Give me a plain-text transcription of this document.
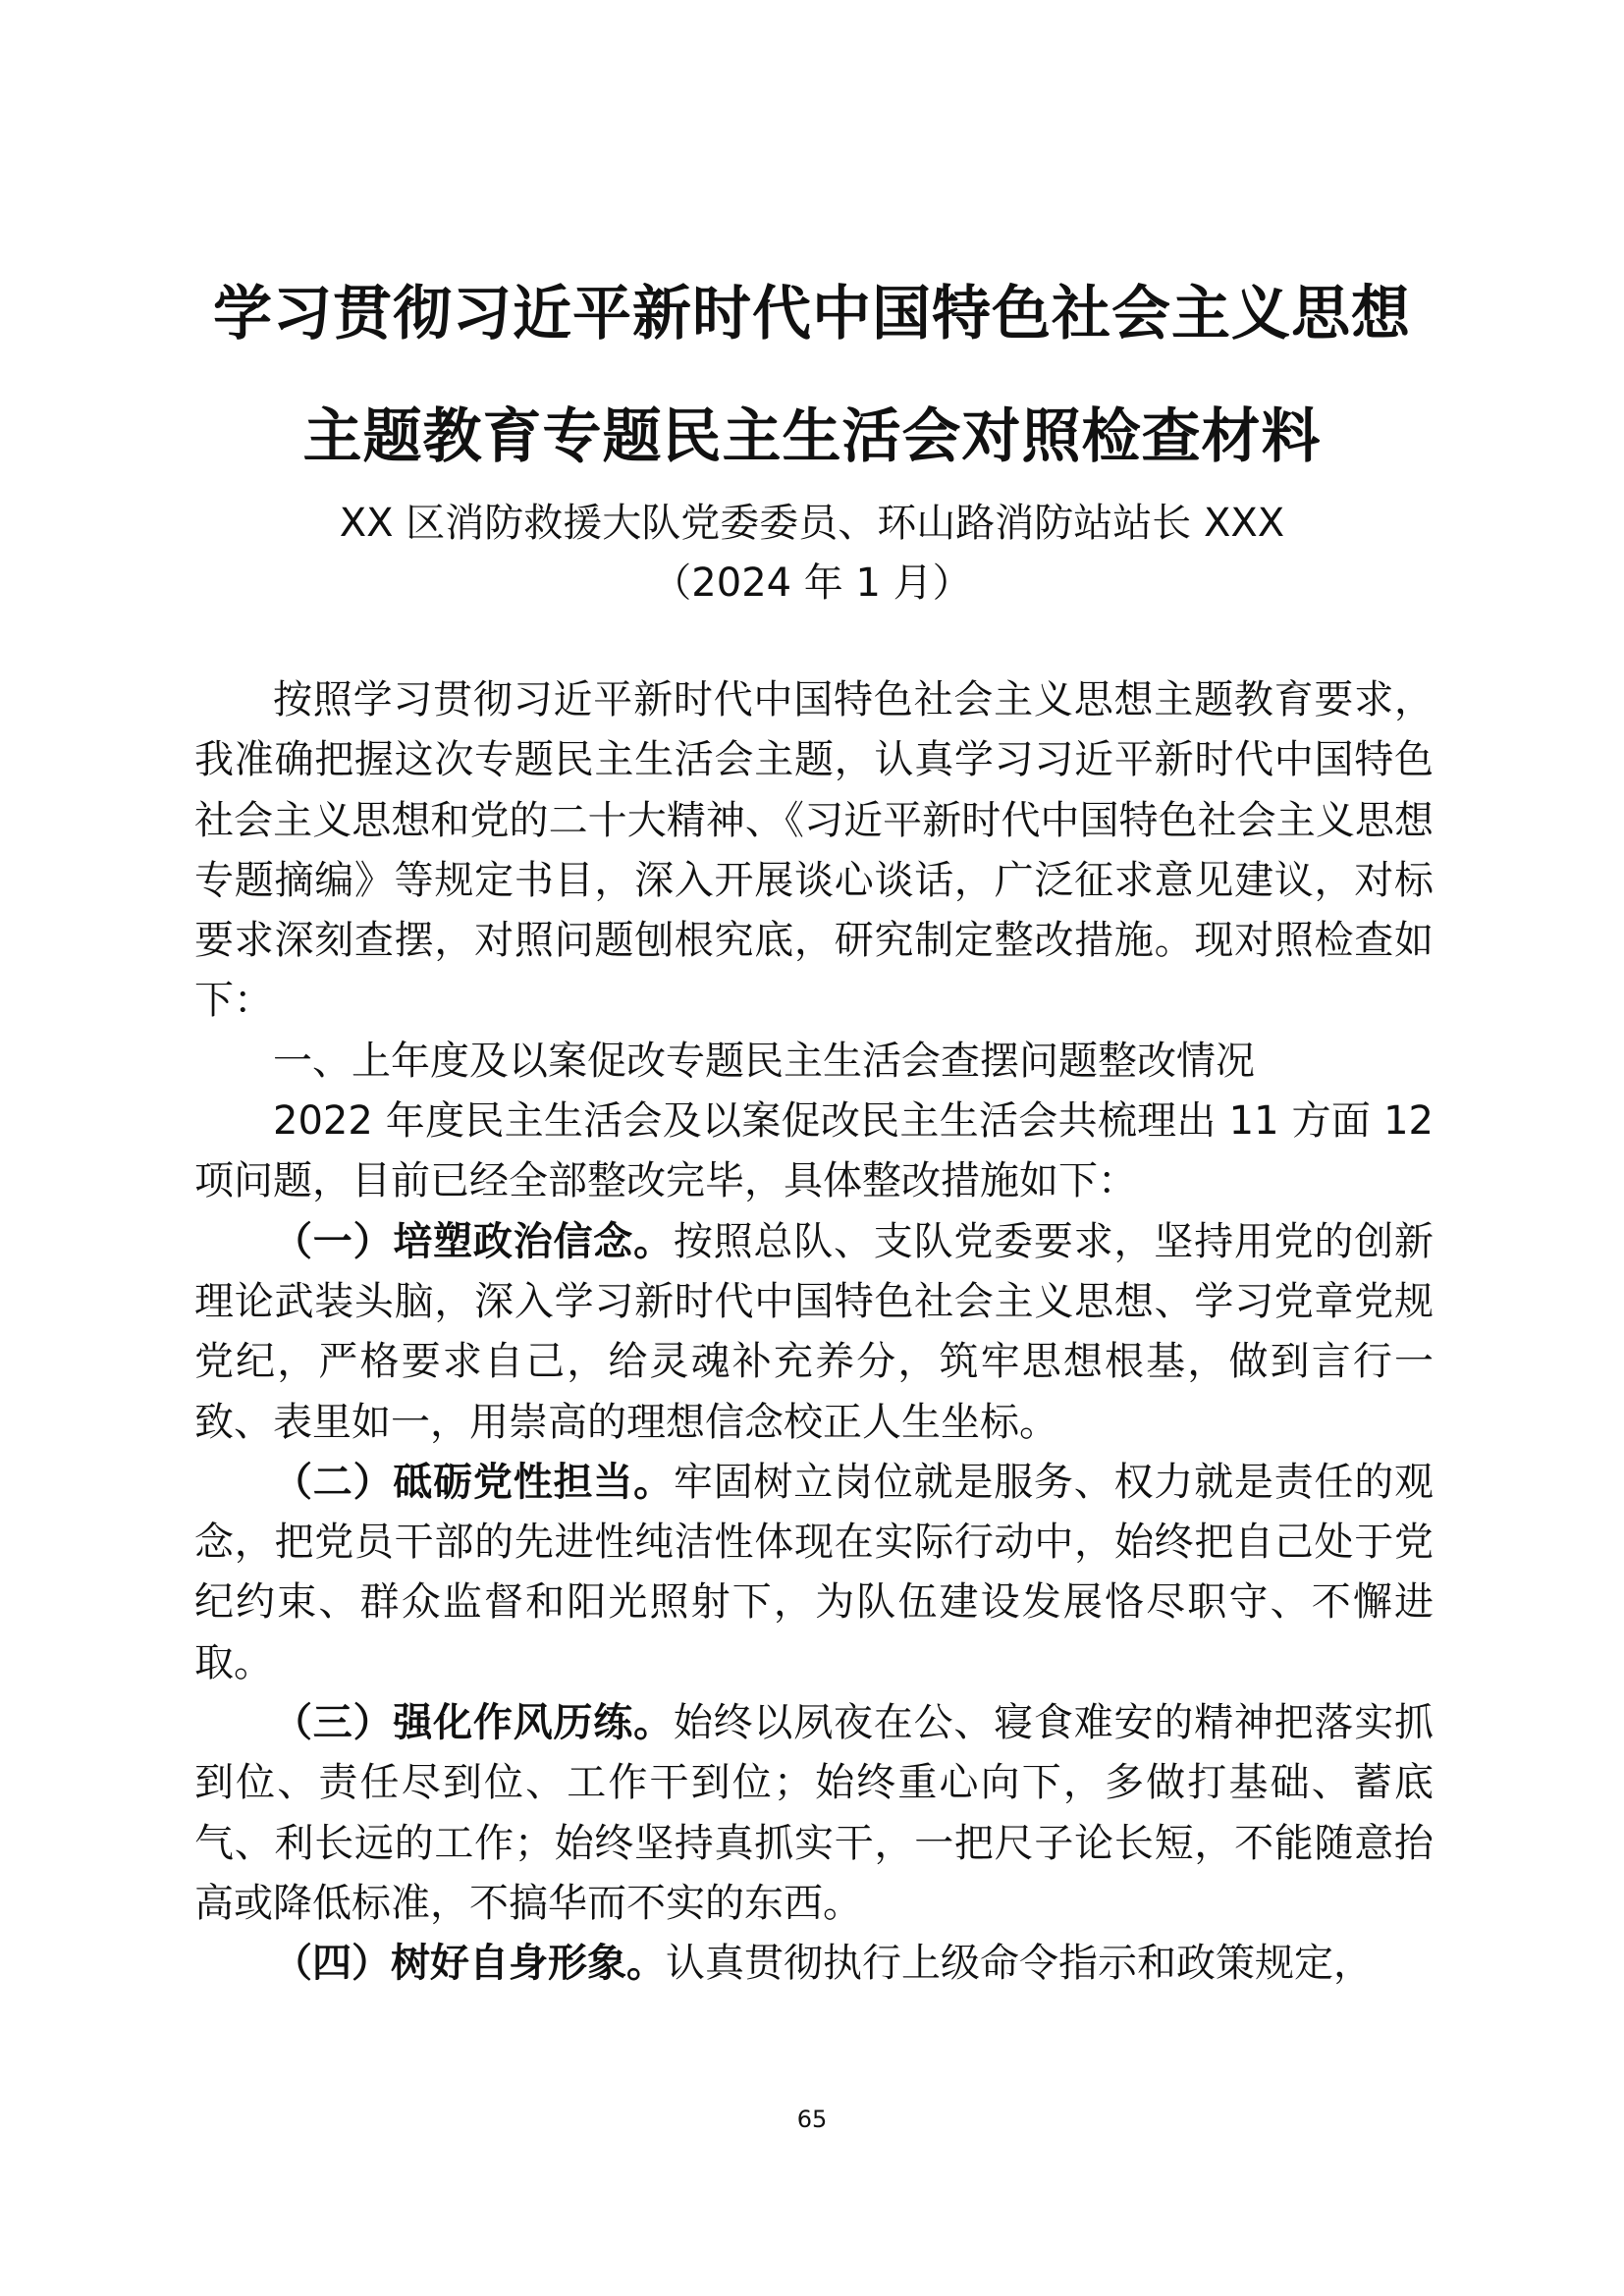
学习贯彻习近平新时代中国特色社会主义思想
主题教育专题民主生活会对照检查材料
XX 区消防救援大队党委委员、环山路消防站站长 XXX
（2024 年 1 月）

按照学习贯彻习近平新时代中国特色社会主义思想主题教育要求，我准确把握这次专题民主生活会主题，认真学习习近平新时代中国特色社会主义思想和党的二十大精神、《习近平新时代中国特色社会主义思想专题摘编》等规定书目，深入开展谈心谈话，广泛征求意见建议，对标要求深刻查摆，对照问题刨根究底，研究制定整改措施。现对照检查如下：

一、上年度及以案促改专题民主生活会查摆问题整改情况

2022 年度民主生活会及以案促改民主生活会共梳理出 11 方面 12 项问题，目前已经全部整改完毕，具体整改措施如下：

（一）培塑政治信念。按照总队、支队党委要求，坚持用党的创新理论武装头脑，深入学习新时代中国特色社会主义思想、学习党章党规党纪，严格要求自己，给灵魂补充养分，筑牢思想根基，做到言行一致、表里如一，用崇高的理想信念校正人生坐标。

（二）砥砺党性担当。牢固树立岗位就是服务、权力就是责任的观念，把党员干部的先进性纯洁性体现在实际行动中，始终把自己处于党纪约束、群众监督和阳光照射下，为队伍建设发展恪尽职守、不懈进取。

（三）强化作风历练。始终以夙夜在公、寝食难安的精神把落实抓到位、责任尽到位、工作干到位；始终重心向下，多做打基础、蓄底气、利长远的工作；始终坚持真抓实干，一把尺子论长短，不能随意抬高或降低标准，不搞华而不实的东西。

（四）树好自身形象。认真贯彻执行上级命令指示和政策规定，

65
